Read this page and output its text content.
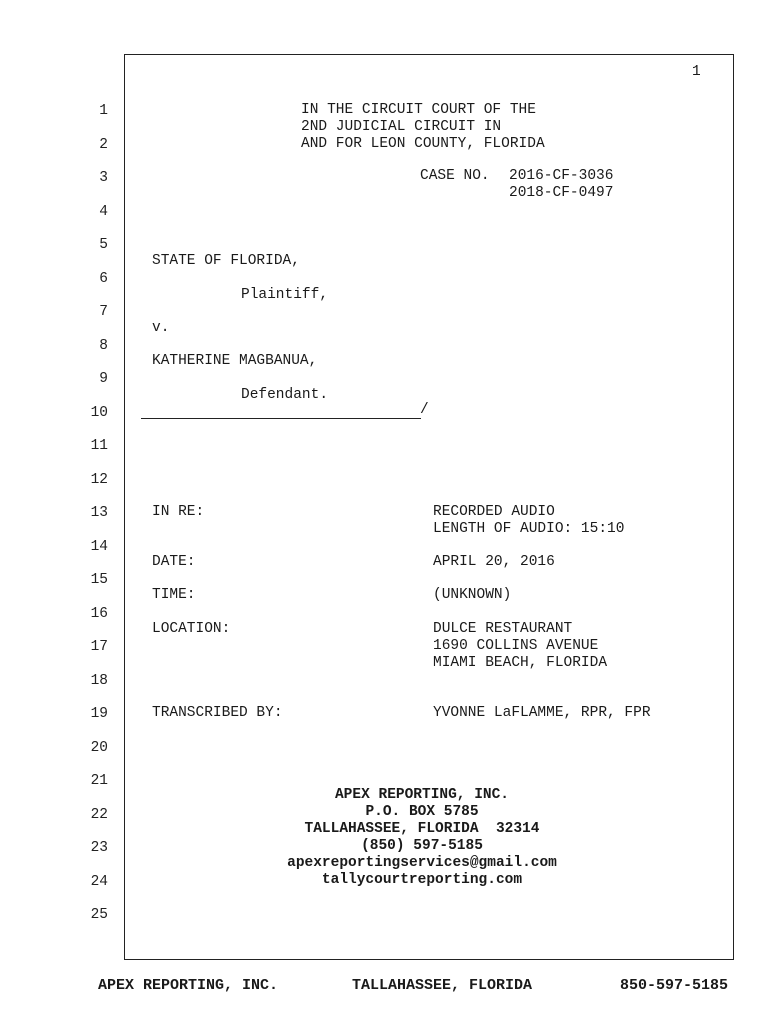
1
1
2
3
4
5
6
7
8
9
10
11
12
13
14
15
16
17
18
19
20
21
22
23
24
25
IN THE CIRCUIT COURT OF THE
2ND JUDICIAL CIRCUIT IN
AND FOR LEON COUNTY, FLORIDA
CASE NO. 2016-CF-3036
2018-CF-0497
STATE OF FLORIDA,
Plaintiff,
v.
KATHERINE MAGBANUA,
Defendant.
/
IN RE:	RECORDED AUDIO
LENGTH OF AUDIO: 15:10
DATE:	APRIL 20, 2016
TIME:	(UNKNOWN)
LOCATION:	DULCE RESTAURANT
1690 COLLINS AVENUE
MIAMI BEACH, FLORIDA
TRANSCRIBED BY:	YVONNE LaFLAMME, RPR, FPR
APEX REPORTING, INC.
P.O. BOX 5785
TALLAHASSEE, FLORIDA  32314
(850) 597-5185
apexreportingservices@gmail.com
tallycourtreporting.com
APEX REPORTING, INC.	TALLAHASSEE, FLORIDA	850-597-5185
